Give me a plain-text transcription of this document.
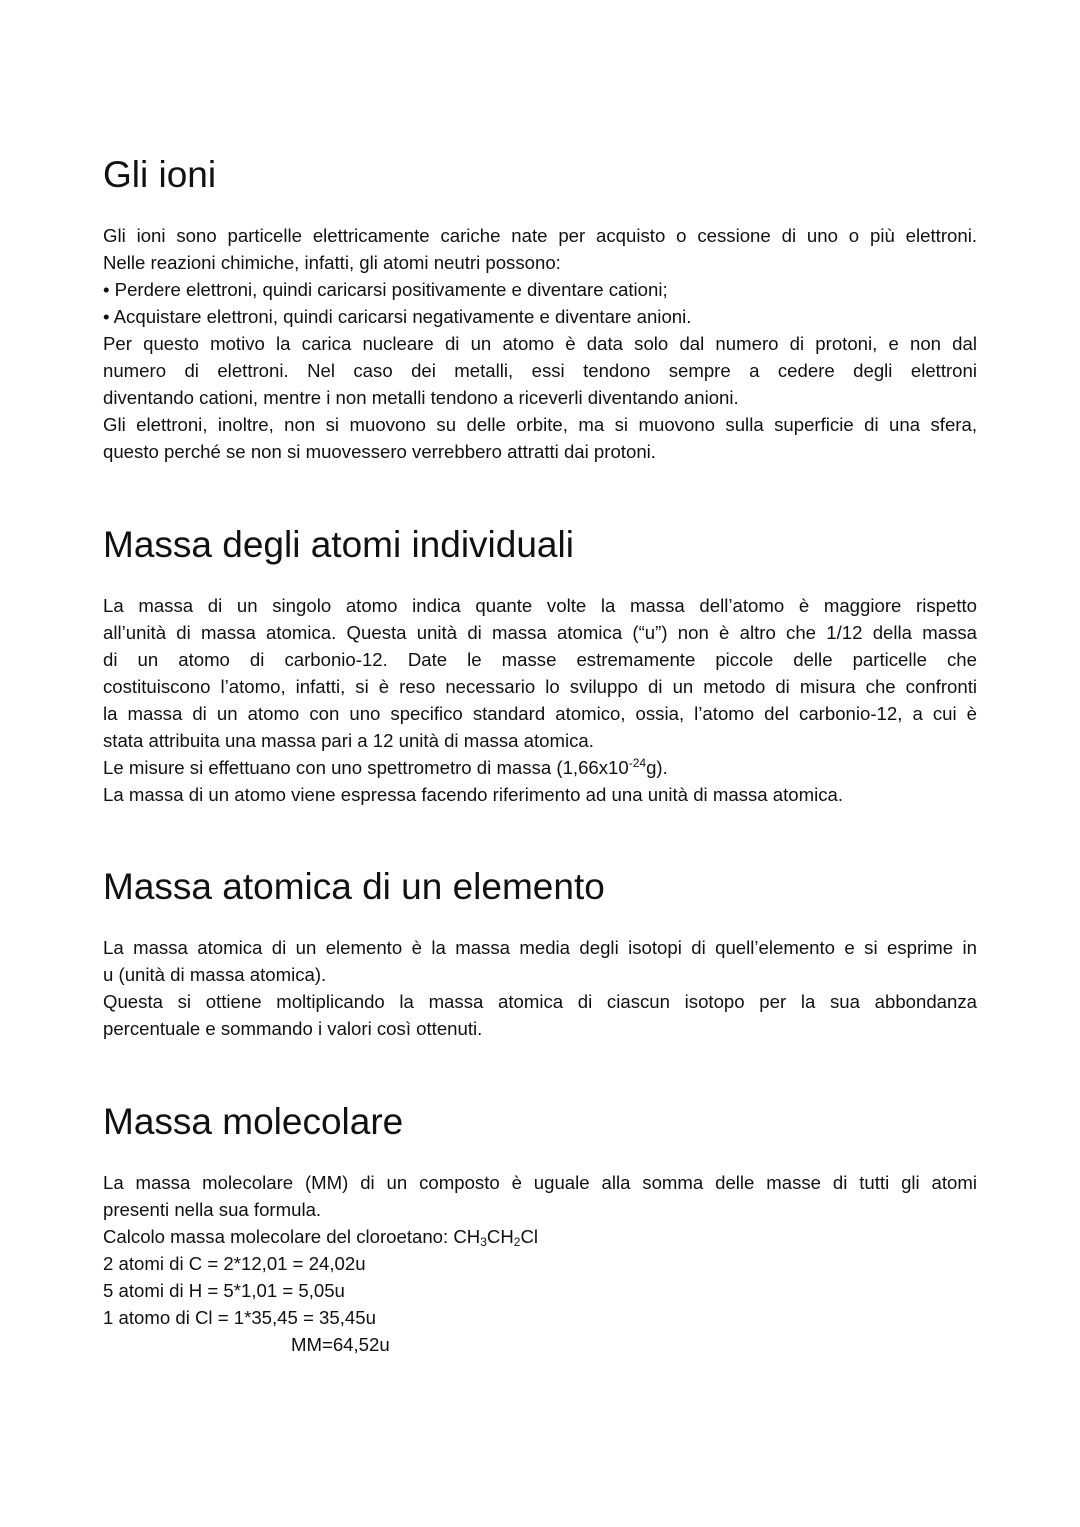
Gli ioni
Gli ioni sono particelle elettricamente cariche nate per acquisto o cessione di uno o più elettroni.
Nelle reazioni chimiche, infatti, gli atomi neutri possono:
• Perdere elettroni, quindi caricarsi positivamente e diventare cationi;
• Acquistare elettroni, quindi caricarsi negativamente e diventare anioni.
Per questo motivo la carica nucleare di un atomo è data solo dal numero di protoni, e non dal
numero di elettroni. Nel caso dei metalli, essi tendono sempre a cedere degli elettroni
diventando cationi, mentre i non metalli tendono a riceverli diventando anioni.
Gli elettroni, inoltre, non si muovono su delle orbite, ma si muovono sulla superficie di una sfera,
questo perché se non si muovessero verrebbero attratti dai protoni.
Massa degli atomi individuali
La massa di un singolo atomo indica quante volte la massa dell’atomo è maggiore rispetto
all’unità di massa atomica. Questa unità di massa atomica (“u”) non è altro che 1/12 della massa
di un atomo di carbonio-12. Date le masse estremamente piccole delle particelle che
costituiscono l’atomo, infatti, si è reso necessario lo sviluppo di un metodo di misura che confronti
la massa di un atomo con uno specifico standard atomico, ossia, l’atomo del carbonio-12, a cui è
stata attribuita una massa pari a 12 unità di massa atomica.
Le misure si effettuano con uno spettrometro di massa $(1,66x10^{-24}g)$.
La massa di un atomo viene espressa facendo riferimento ad una unità di massa atomica.
Massa atomica di un elemento
La massa atomica di un elemento è la massa media degli isotopi di quell’elemento e si esprime in
u (unità di massa atomica).
Questa si ottiene moltiplicando la massa atomica di ciascun isotopo per la sua abbondanza
percentuale e sommando i valori così ottenuti.
Massa molecolare
La massa molecolare (MM) di un composto è uguale alla somma delle masse di tutti gli atomi
presenti nella sua formula.
Calcolo massa molecolare del cloroetano: $CH_3CH_2Cl$
2 atomi di C = 2*12,01 = 24,02u
5 atomi di H = 5*1,01 = 5,05u
1 atomo di Cl = 1*35,45 = 35,45u
MM=64,52u
